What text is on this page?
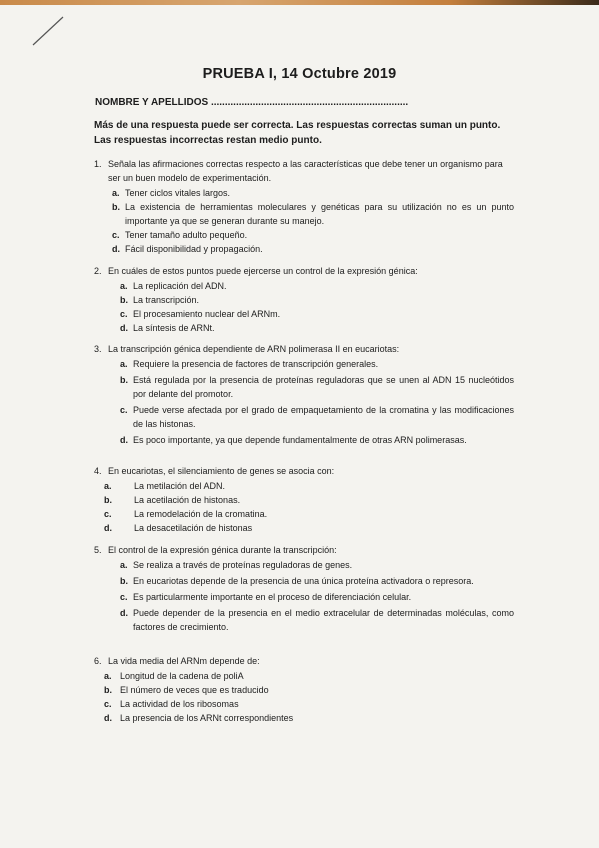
PRUEBA I, 14 Octubre 2019
NOMBRE Y APELLIDOS .......................................................................
Más de una respuesta puede ser correcta. Las respuestas correctas suman un punto. Las respuestas incorrectas restan medio punto.
1. Señala las afirmaciones correctas respecto a las características que debe tener un organismo para ser un buen modelo de experimentación.
a. Tener ciclos vitales largos.
b. La existencia de herramientas moleculares y genéticas para su utilización no es un punto importante ya que se generan durante su manejo.
c. Tener tamaño adulto pequeño.
d. Fácil disponibilidad y propagación.
2. En cuáles de estos puntos puede ejercerse un control de la expresión génica:
a. La replicación del ADN.
b. La transcripción.
c. El procesamiento nuclear del ARNm.
d. La síntesis de ARNt.
3. La transcripción génica dependiente de ARN polimerasa II en eucariotas:
a. Requiere la presencia de factores de transcripción generales.
b. Está regulada por la presencia de proteínas reguladoras que se unen al ADN 15 nucleótidos por delante del promotor.
c. Puede verse afectada por el grado de empaquetamiento de la cromatina y las modificaciones de las histonas.
d. Es poco importante, ya que depende fundamentalmente de otras ARN polimerasas.
4. En eucariotas, el silenciamiento de genes se asocia con:
a.	La metilación del ADN.
b.	La acetilación de histonas.
c.	La remodelación de la cromatina.
d.	La desacetilación de histonas
5. El control de la expresión génica durante la transcripción:
a. Se realiza a través de proteínas reguladoras de genes.
b. En eucariotas depende de la presencia de una única proteína activadora o represora.
c. Es particularmente importante en el proceso de diferenciación celular.
d. Puede depender de la presencia en el medio extracelular de determinadas moléculas, como factores de crecimiento.
6. La vida media del ARNm depende de:
a. Longitud de la cadena de poliA
b. El número de veces que es traducido
c. La actividad de los ribosomas
d. La presencia de los ARNt correspondientes
